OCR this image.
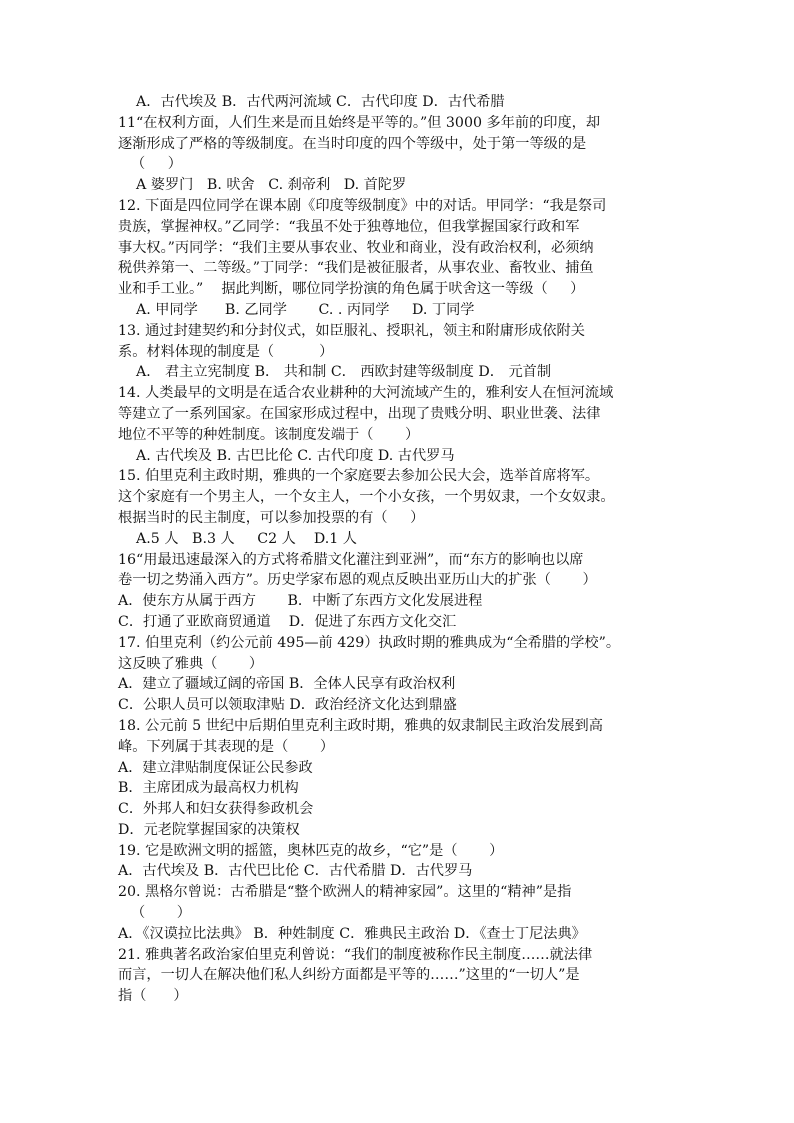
A．古代埃及 B．古代两河流域 C．古代印度 D．古代希腊
11“在权利方面，人们生来是而且始终是平等的。”但 3000 多年前的印度，却
逐渐形成了严格的等级制度。在当时印度的四个等级中，处于第一等级的是
（     ）
A 婆罗门   B. 吠舍   C. 刹帝利   D. 首陀罗
12. 下面是四位同学在课本剧《印度等级制度》中的对话。甲同学：“我是祭司
贵族，掌握神权。”乙同学：“我虽不处于独尊地位，但我掌握国家行政和军
事大权。”丙同学：“我们主要从事农业、牧业和商业，没有政治权利，必须纳
税供养第一、二等级。”丁同学：“我们是被征服者，从事农业、畜牧业、捕鱼
业和手工业。”    据此判断，哪位同学扮演的角色属于吠舍这一等级（     ）
A. 甲同学      B. 乙同学       C. . 丙同学     D. 丁同学
13. 通过封建契约和分封仪式，如臣服礼、授职礼，领主和附庸形成依附关
系。材料体现的制度是（          ）
A． 君主立宪制度 B． 共和制 C． 西欧封建等级制度 D． 元首制
14. 人类最早的文明是在适合农业耕种的大河流域产生的，雅利安人在恒河流域
等建立了一系列国家。在国家形成过程中，出现了贵贱分明、职业世袭、法律
地位不平等的种姓制度。该制度发端于（       ）
A. 古代埃及 B. 古巴比伦 C. 古代印度 D. 古代罗马
15. 伯里克利主政时期，雅典的一个家庭要去参加公民大会，选举首席将军。
这个家庭有一个男主人，一个女主人，一个小女孩，一个男奴隶，一个女奴隶。
根据当时的民主制度，可以参加投票的有（     ）
A.5 人   B.3 人     C2 人    D.1 人
16“用最迅速最深入的方式将希腊文化灌注到亚洲”，而“东方的影响也以席
卷一切之势涌入西方”。历史学家布恩的观点反映出亚历山大的扩张（       ）
A．使东方从属于西方       B．中断了东西方文化发展进程
C．打通了亚欧商贸通道    D．促进了东西方文化交汇
17. 伯里克利（约公元前 495—前 429）执政时期的雅典成为“全希腊的学校”。
这反映了雅典（       ）
A．建立了疆域辽阔的帝国 B．全体人民享有政治权利
C．公职人员可以领取津贴 D．政治经济文化达到鼎盛
18. 公元前 5 世纪中后期伯里克利主政时期，雅典的奴隶制民主政治发展到高
峰。下列属于其表现的是（       ）
A．建立津贴制度保证公民参政
B．主席团成为最高权力机构
C．外邦人和妇女获得参政机会
D．元老院掌握国家的决策权
19. 它是欧洲文明的摇篮，奥林匹克的故乡，“它”是（       ）
A．古代埃及 B．古代巴比伦 C．古代希腊 D．古代罗马
20. 黑格尔曾说：古希腊是“整个欧洲人的精神家园”。这里的“精神”是指
（       ）
A．《汉谟拉比法典》 B．种姓制度 C．雅典民主政治 D．《查士丁尼法典》
21. 雅典著名政治家伯里克利曾说：“我们的制度被称作民主制度……就法律
而言，一切人在解决他们私人纠纷方面都是平等的……”这里的“一切人”是
指（      ）
